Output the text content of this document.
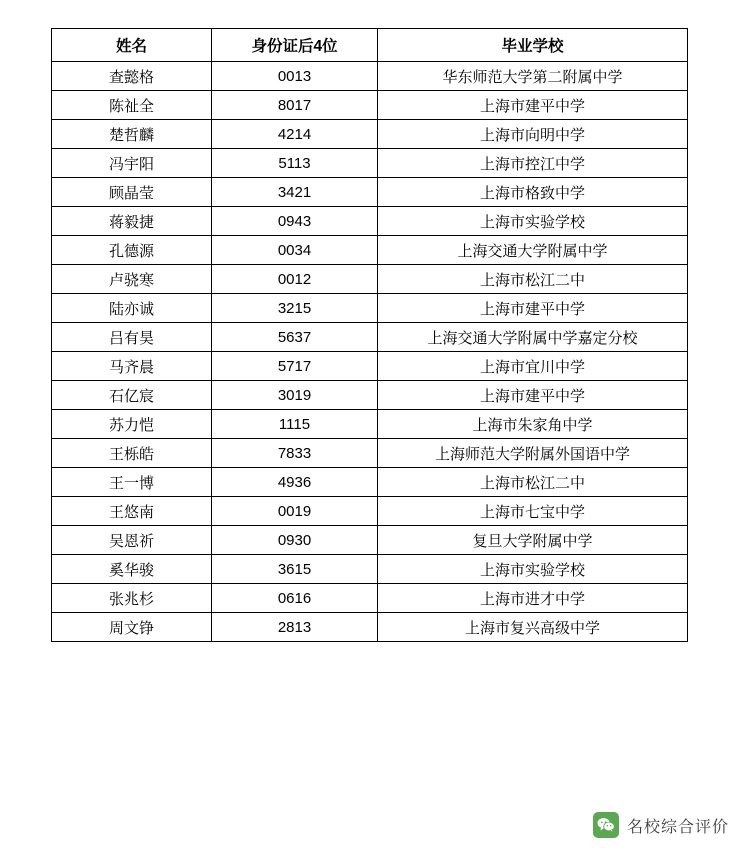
姓名	身份证后4位	毕业学校
查懿格	0013	华东师范大学第二附属中学
陈祉全	8017	上海市建平中学
楚哲麟	4214	上海市向明中学
冯宇阳	5113	上海市控江中学
顾晶莹	3421	上海市格致中学
蒋毅捷	0943	上海市实验学校
孔德源	0034	上海交通大学附属中学
卢骁寒	0012	上海市松江二中
陆亦诚	3215	上海市建平中学
吕有昊	5637	上海交通大学附属中学嘉定分校
马齐晨	5717	上海市宜川中学
石亿宸	3019	上海市建平中学
苏力恺	1115	上海市朱家角中学
王栎皓	7833	上海师范大学附属外国语中学
王一博	4936	上海市松江二中
王悠南	0019	上海市七宝中学
吴恩祈	0930	复旦大学附属中学
奚华骏	3615	上海市实验学校
张兆杉	0616	上海市进才中学
周文铮	2813	上海市复兴高级中学
名校综合评价
